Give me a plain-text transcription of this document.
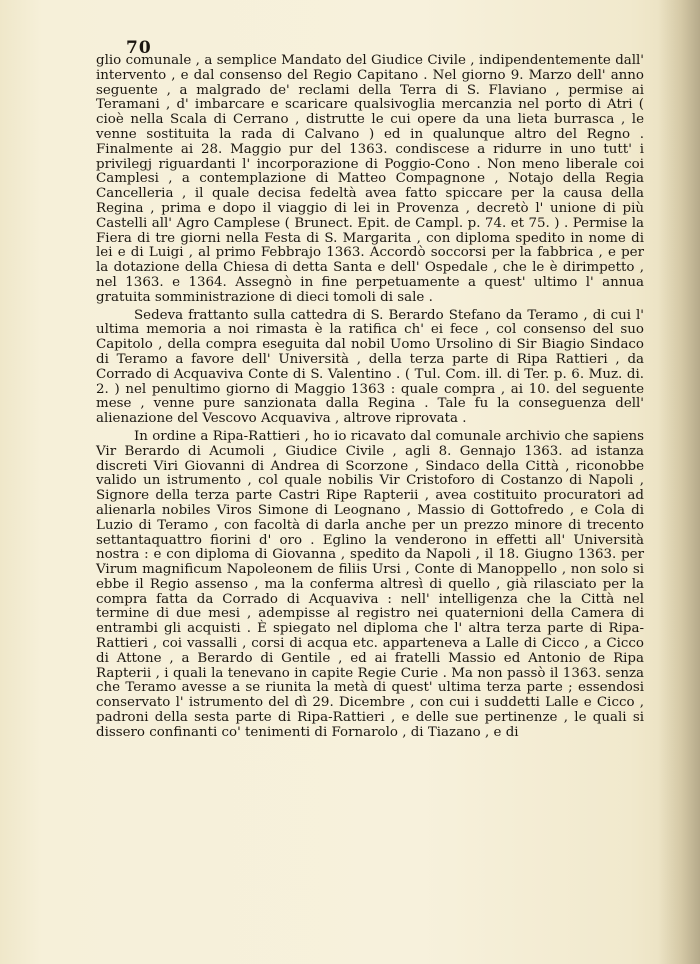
70

glio comunale , a semplice Mandato del Giudice Civile , indipendentemente dall' intervento , e dal consenso del Regio Capitano . Nel giorno 9. Marzo dell' anno seguente , a malgrado de' reclami della Terra di S. Flaviano , permise ai Teramani , d' imbarcare e scaricare qualsivoglia mercanzia nel porto di Atri ( cioè nella Scala di Cerrano , distrutte le cui opere da una lieta burrasca , le venne sostituita la rada di Calvano ) ed in qualunque altro del Regno . Finalmente ai 28. Maggio pur del 1363. condiscese a ridurre in uno tutt' i privilegj riguardanti l' incorporazione di Poggio-Cono . Non meno liberale coi Camplesi , a contemplazione di Matteo Compagnone , Notajo della Regia Cancelleria , il quale decisa fedeltà avea fatto spiccare per la causa della Regina , prima e dopo il viaggio di lei in Provenza , decretò l' unione di più Castelli all' Agro Camplese ( Brunect. Epit. de Campl. p. 74. et 75. ) . Permise la Fiera di tre giorni nella Festa di S. Margarita , con diploma spedito in nome di lei e di Luigi , al primo Febbrajo 1363. Accordò soccorsi per la fabbrica , e per la dotazione della Chiesa di detta Santa e dell' Ospedale , che le è dirimpetto , nel 1363. e 1364. Assegnò in fine perpetuamente a quest' ultimo l' annua gratuita somministrazione di dieci tomoli di sale .

Sedeva frattanto sulla cattedra di S. Berardo Stefano da Teramo , di cui l' ultima memoria a noi rimasta è la ratifica ch' ei fece , col consenso del suo Capitolo , della compra eseguita dal nobil Uomo Ursolino di Sir Biagio Sindaco di Teramo a favore dell' Università , della terza parte di Ripa Rattieri , da Corrado di Acquaviva Conte di S. Valentino . ( Tul. Com. ill. di Ter. p. 6. Muz. di. 2. ) nel penultimo giorno di Maggio 1363 : quale compra , ai 10. del seguente mese , venne pure sanzionata dalla Regina . Tale fu la conseguenza dell' alienazione del Vescovo Acquaviva , altrove riprovata .

In ordine a Ripa-Rattieri , ho io ricavato dal comunale archivio che sapiens Vir Berardo di Acumoli , Giudice Civile , agli 8. Gennajo 1363. ad istanza discreti Viri Giovanni di Andrea di Scorzone , Sindaco della Città , riconobbe valido un istrumento , col quale nobilis Vir Cristoforo di Costanzo di Napoli , Signore della terza parte Castri Ripe Rapterii , avea costituito procuratori ad alienarla nobiles Viros Simone di Leognano , Massio di Gottofredo , e Cola di Luzio di Teramo , con facoltà di darla anche per un prezzo minore di trecento settantaquattro fiorini d' oro . Eglino la venderono in effetti all' Università nostra : e con diploma di Giovanna , spedito da Napoli , il 18. Giugno 1363. per Virum magnificum Napoleonem de filiis Ursi , Conte di Manoppello , non solo si ebbe il Regio assenso , ma la conferma altresì di quello , già rilasciato per la compra fatta da Corrado di Acquaviva : nell' intelligenza che la Città nel termine di due mesi , adempisse al registro nei quaternioni della Camera di entrambi gli acquisti . È spiegato nel diploma che l' altra terza parte di Ripa-Rattieri , coi vassalli , corsi di acqua etc. apparteneva a Lalle di Cicco , a Cicco di Attone , a Berardo di Gentile , ed ai fratelli Massio ed Antonio de Ripa Rapterii , i quali la tenevano in capite Regie Curie . Ma non passò il 1363. senza che Teramo avesse a se riunita la metà di quest' ultima terza parte ; essendosi conservato l' istrumento del dì 29. Dicembre , con cui i suddetti Lalle e Cicco , padroni della sesta parte di Ripa-Rattieri , e delle sue pertinenze , le quali si dissero confinanti co' tenimenti di Fornarolo , di Tiazano , e di
